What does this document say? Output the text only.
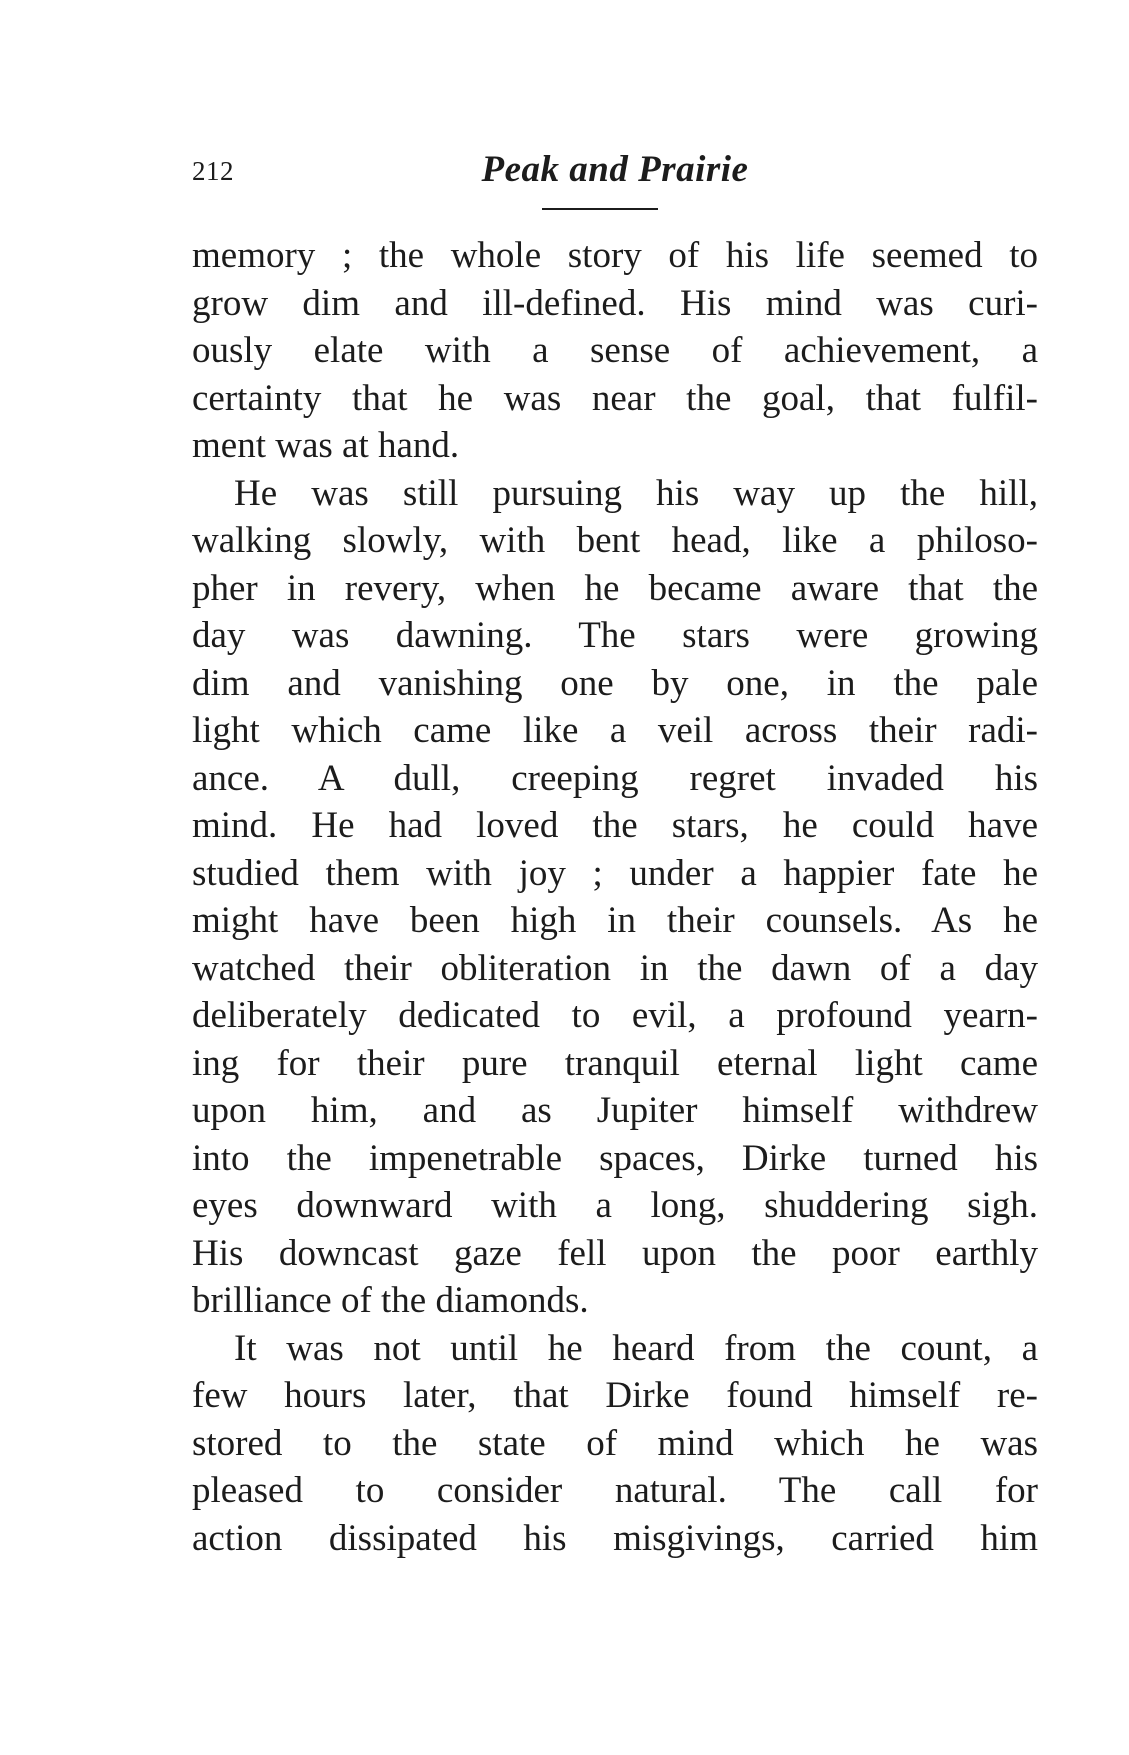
212	Peak and Prairie
memory ; the whole story of his life seemed to
grow dim and ill-defined. His mind was curi-
ously elate with a sense of achievement, a
certainty that he was near the goal, that fulfil-
ment was at hand.
He was still pursuing his way up the hill,
walking slowly, with bent head, like a philoso-
pher in revery, when he became aware that the
day was dawning. The stars were growing
dim and vanishing one by one, in the pale
light which came like a veil across their radi-
ance. A dull, creeping regret invaded his
mind. He had loved the stars, he could have
studied them with joy ; under a happier fate he
might have been high in their counsels. As he
watched their obliteration in the dawn of a day
deliberately dedicated to evil, a profound yearn-
ing for their pure tranquil eternal light came
upon him, and as Jupiter himself withdrew
into the impenetrable spaces, Dirke turned his
eyes downward with a long, shuddering sigh.
His downcast gaze fell upon the poor earthly
brilliance of the diamonds.
It was not until he heard from the count, a
few hours later, that Dirke found himself re-
stored to the state of mind which he was
pleased to consider natural. The call for
action dissipated his misgivings, carried him
